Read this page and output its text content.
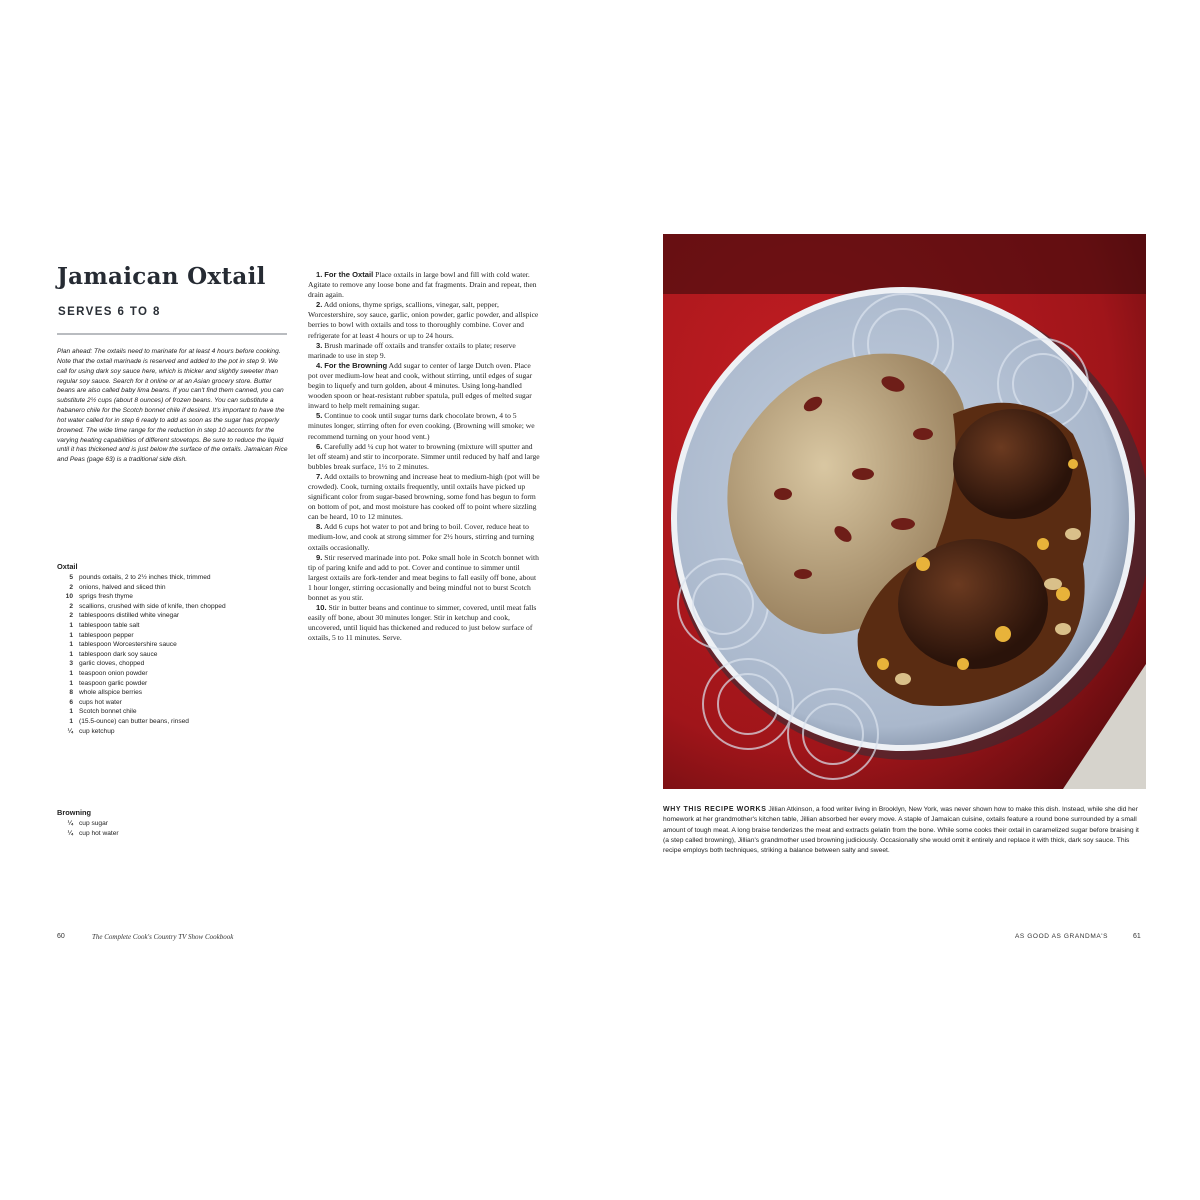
Jamaican Oxtail
SERVES 6 TO 8
Plan ahead: The oxtails need to marinate for at least 4 hours before cooking. Note that the oxtail marinade is reserved and added to the pot in step 9. We call for using dark soy sauce here, which is thicker and slightly sweeter than regular soy sauce. Search for it online or at an Asian grocery store. Butter beans are also called baby lima beans. If you can't find them canned, you can substitute 2½ cups (about 8 ounces) of frozen beans. You can substitute a habanero chile for the Scotch bonnet chile if desired. It's important to have the hot water called for in step 6 ready to add as soon as the sugar has properly browned. The wide time range for the reduction in step 10 accounts for the varying heating capabilities of different stovetops. Be sure to reduce the liquid until it has thickened and is just below the surface of the oxtails. Jamaican Rice and Peas (page 63) is a traditional side dish.
Oxtail
5 pounds oxtails, 2 to 2½ inches thick, trimmed
2 onions, halved and sliced thin
10 sprigs fresh thyme
2 scallions, crushed with side of knife, then chopped
2 tablespoons distilled white vinegar
1 tablespoon table salt
1 tablespoon pepper
1 tablespoon Worcestershire sauce
1 tablespoon dark soy sauce
3 garlic cloves, chopped
1 teaspoon onion powder
1 teaspoon garlic powder
8 whole allspice berries
6 cups hot water
1 Scotch bonnet chile
1 (15.5-ounce) can butter beans, rinsed
¼ cup ketchup
Browning
¼ cup sugar
¼ cup hot water

1. For the Oxtail Place oxtails in large bowl and fill with cold water. Agitate to remove any loose bone and fat fragments. Drain and repeat, then drain again.

2. Add onions, thyme sprigs, scallions, vinegar, salt, pepper, Worcestershire, soy sauce, garlic, onion powder, garlic powder, and allspice berries to bowl with oxtails and toss to thoroughly combine. Cover and refrigerate for at least 4 hours or up to 24 hours.

3. Brush marinade off oxtails and transfer oxtails to plate; reserve marinade to use in step 9.

4. For the Browning Add sugar to center of large Dutch oven. Place pot over medium-low heat and cook, without stirring, until edges of sugar begin to liquefy and turn golden, about 4 minutes. Using long-handled wooden spoon or heat-resistant rubber spatula, pull edges of melted sugar inward to help melt remaining sugar.

5. Continue to cook until sugar turns dark chocolate brown, 4 to 5 minutes longer, stirring often for even cooking. (Browning will smoke; we recommend turning on your hood vent.)

6. Carefully add ¼ cup hot water to browning (mixture will sputter and let off steam) and stir to incorporate. Simmer until reduced by half and large bubbles break surface, 1½ to 2 minutes.

7. Add oxtails to browning and increase heat to medium-high (pot will be crowded). Cook, turning oxtails frequently, until oxtails have picked up significant color from sugar-based browning, some fond has begun to form on bottom of pot, and most moisture has cooked off to point where sizzling can be heard, 10 to 12 minutes.

8. Add 6 cups hot water to pot and bring to boil. Cover, reduce heat to medium-low, and cook at strong simmer for 2½ hours, stirring and turning oxtails occasionally.

9. Stir reserved marinade into pot. Poke small hole in Scotch bonnet with tip of paring knife and add to pot. Cover and continue to simmer until largest oxtails are fork-tender and meat begins to fall easily off bone, about 1 hour longer, stirring occasionally and being mindful not to burst Scotch bonnet as you stir.

10. Stir in butter beans and continue to simmer, covered, until meat falls easily off bone, about 30 minutes longer. Stir in ketchup and cook, uncovered, until liquid has thickened and reduced to just below surface of oxtails, 5 to 11 minutes. Serve.

WHY THIS RECIPE WORKS Jillian Atkinson, a food writer living in Brooklyn, New York, was never shown how to make this dish. Instead, while she did her homework at her grandmother's kitchen table, Jillian absorbed her every move. A staple of Jamaican cuisine, oxtails feature a round bone surrounded by a small amount of tough meat. A long braise tenderizes the meat and extracts gelatin from the bone. While some cooks their oxtail in caramelized sugar before braising it (a step called browning), Jillian's grandmother used browning judiciously. Occasionally she would omit it entirely and replace it with thick, dark soy sauce. This recipe employs both techniques, striking a balance between salty and sweet.
60	The Complete Cook's Country TV Show Cookbook	AS GOOD AS GRANDMA'S	61
